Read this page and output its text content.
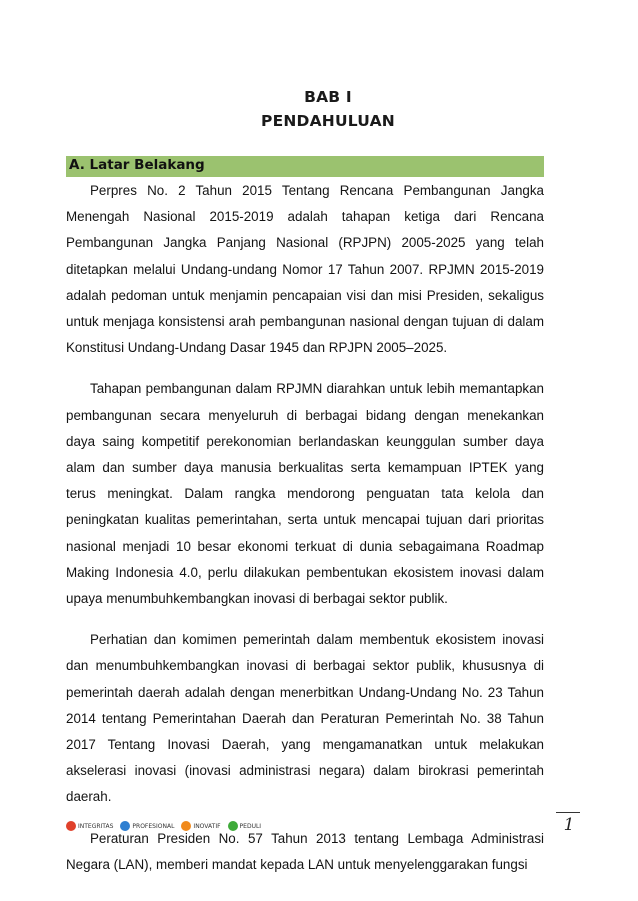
BAB I
PENDAHULUAN
A. Latar Belakang

Perpres No. 2 Tahun 2015 Tentang Rencana Pembangunan Jangka Menengah Nasional 2015-2019 adalah tahapan ketiga dari Rencana Pembangunan Jangka Panjang Nasional (RPJPN) 2005-2025 yang telah ditetapkan melalui Undang-undang Nomor 17 Tahun 2007. RPJMN 2015-2019 adalah pedoman untuk menjamin pencapaian visi dan misi Presiden, sekaligus untuk menjaga konsistensi arah pembangunan nasional dengan tujuan di dalam Konstitusi Undang-Undang Dasar 1945 dan RPJPN 2005–2025.

Tahapan pembangunan dalam RPJMN diarahkan untuk lebih memantapkan pembangunan secara menyeluruh di berbagai bidang dengan menekankan daya saing kompetitif perekonomian berlandaskan keunggulan sumber daya alam dan sumber daya manusia berkualitas serta kemampuan IPTEK yang terus meningkat. Dalam rangka mendorong penguatan tata kelola dan peningkatan kualitas pemerintahan, serta untuk mencapai tujuan dari prioritas nasional menjadi 10 besar ekonomi terkuat di dunia sebagaimana Roadmap Making Indonesia 4.0, perlu dilakukan pembentukan ekosistem inovasi dalam upaya menumbuhkembangkan inovasi di berbagai sektor publik.

Perhatian dan komimen pemerintah dalam membentuk ekosistem inovasi dan menumbuhkembangkan inovasi di berbagai sektor publik, khususnya di pemerintah daerah adalah dengan menerbitkan Undang-Undang No. 23 Tahun 2014 tentang Pemerintahan Daerah dan Peraturan Pemerintah No. 38 Tahun 2017 Tentang Inovasi Daerah, yang mengamanatkan untuk melakukan akselerasi inovasi (inovasi administrasi negara) dalam birokrasi pemerintah daerah.

Peraturan Presiden No. 57 Tahun 2013 tentang Lembaga Administrasi Negara (LAN), memberi mandat kepada LAN untuk menyelenggarakan fungsi

INTEGRITAS	PROFESIONAL	INOVATIF	PEDULI	1
